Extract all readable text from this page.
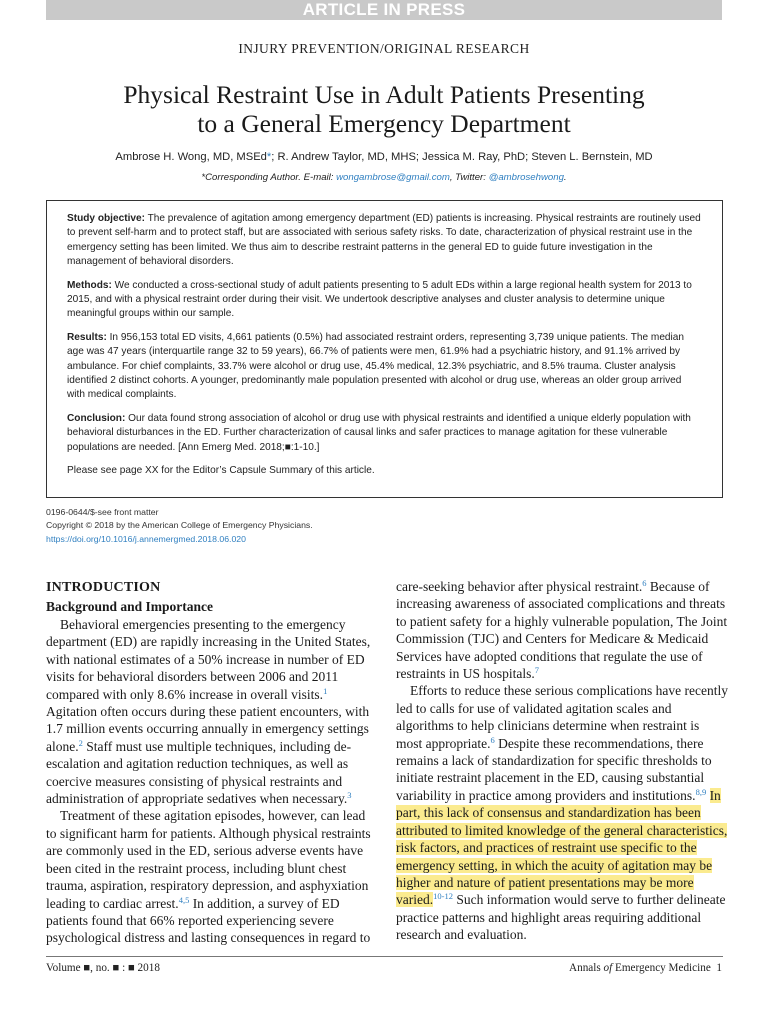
ARTICLE IN PRESS
INJURY PREVENTION/ORIGINAL RESEARCH
Physical Restraint Use in Adult Patients Presenting
to a General Emergency Department
Ambrose H. Wong, MD, MSEd*; R. Andrew Taylor, MD, MHS; Jessica M. Ray, PhD; Steven L. Bernstein, MD
*Corresponding Author. E-mail: wongambrose@gmail.com, Twitter: @ambrosehwong.

Study objective: The prevalence of agitation among emergency department (ED) patients is increasing. Physical restraints are routinely used to prevent self-harm and to protect staff, but are associated with serious safety risks. To date, characterization of physical restraint use in the emergency setting has been limited. We thus aim to describe restraint patterns in the general ED to guide future investigation in the management of behavioral disorders.

Methods: We conducted a cross-sectional study of adult patients presenting to 5 adult EDs within a large regional health system for 2013 to 2015, and with a physical restraint order during their visit. We undertook descriptive analyses and cluster analysis to determine unique meaningful groups within our sample.

Results: In 956,153 total ED visits, 4,661 patients (0.5%) had associated restraint orders, representing 3,739 unique patients. The median age was 47 years (interquartile range 32 to 59 years), 66.7% of patients were men, 61.9% had a psychiatric history, and 91.1% arrived by ambulance. For chief complaints, 33.7% were alcohol or drug use, 45.4% medical, 12.3% psychiatric, and 8.5% trauma. Cluster analysis identified 2 distinct cohorts. A younger, predominantly male population presented with alcohol or drug use, whereas an older group arrived with medical complaints.

Conclusion: Our data found strong association of alcohol or drug use with physical restraints and identified a unique elderly population with behavioral disturbances in the ED. Further characterization of causal links and safer practices to manage agitation for these vulnerable populations are needed. [Ann Emerg Med. 2018;■:1-10.]

Please see page XX for the Editor’s Capsule Summary of this article.

0196-0644/$-see front matter
Copyright © 2018 by the American College of Emergency Physicians.
https://doi.org/10.1016/j.annemergmed.2018.06.020
INTRODUCTION
Background and Importance

Behavioral emergencies presenting to the emergency department (ED) are rapidly increasing in the United States, with national estimates of a 50% increase in number of ED visits for behavioral disorders between 2006 and 2011 compared with only 8.6% increase in overall visits.$^1$ Agitation often occurs during these patient encounters, with 1.7 million events occurring annually in emergency settings alone.$^2$ Staff must use multiple techniques, including de-escalation and agitation reduction techniques, as well as coercive measures consisting of physical restraints and administration of appropriate sedatives when necessary.$^3$

Treatment of these agitation episodes, however, can lead to significant harm for patients. Although physical restraints are commonly used in the ED, serious adverse events have been cited in the restraint process, including blunt chest trauma, aspiration, respiratory depression, and asphyxiation leading to cardiac arrest.$^{4,5}$ In addition, a survey of ED patients found that 66% reported experiencing severe psychological distress and lasting consequences in regard to

care-seeking behavior after physical restraint.$^6$ Because of increasing awareness of associated complications and threats to patient safety for a highly vulnerable population, The Joint Commission (TJC) and Centers for Medicare & Medicaid Services have adopted conditions that regulate the use of restraints in US hospitals.$^7$

Efforts to reduce these serious complications have recently led to calls for use of validated agitation scales and algorithms to help clinicians determine when restraint is most appropriate.$^6$ Despite these recommendations, there remains a lack of standardization for specific thresholds to initiate restraint placement in the ED, causing substantial variability in practice among providers and institutions.$^{8,9}$ In part, this lack of consensus and standardization has been attributed to limited knowledge of the general characteristics, risk factors, and practices of restraint use specific to the emergency setting, in which the acuity of agitation may be higher and nature of patient presentations may be more varied.$^{10-12}$ Such information would serve to further delineate practice patterns and highlight areas requiring additional research and evaluation.

Volume ■, no. ■ : ■ 2018	Annals of Emergency Medicine 1
